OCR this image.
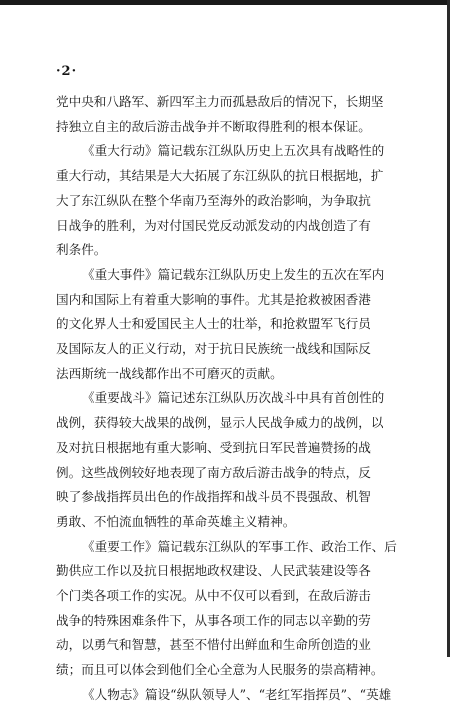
·2·
党中央和八路军、新四军主力而孤悬敌后的情况下，长期坚
持独立自主的敌后游击战争并不断取得胜利的根本保证。
《重大行动》篇记载东江纵队历史上五次具有战略性的
重大行动，其结果是大大拓展了东江纵队的抗日根据地，扩
大了东江纵队在整个华南乃至海外的政治影响，为争取抗
日战争的胜利，为对付国民党反动派发动的内战创造了有
利条件。
《重大事件》篇记载东江纵队历史上发生的五次在军内
国内和国际上有着重大影响的事件。尤其是抢救被困香港
的文化界人士和爱国民主人士的壮举，和抢救盟军飞行员
及国际友人的正义行动，对于抗日民族统一战线和国际反
法西斯统一战线都作出不可磨灭的贡献。
《重要战斗》篇记述东江纵队历次战斗中具有首创性的
战例，获得较大战果的战例，显示人民战争威力的战例，以
及对抗日根据地有重大影响、受到抗日军民普遍赞扬的战
例。这些战例较好地表现了南方敌后游击战争的特点，反
映了参战指挥员出色的作战指挥和战斗员不畏强敌、机智
勇敢、不怕流血牺牲的革命英雄主义精神。
《重要工作》篇记载东江纵队的军事工作、政治工作、后
勤供应工作以及抗日根据地政权建设、人民武装建设等各
个门类各项工作的实况。从中不仅可以看到，在敌后游击
战争的特殊困难条件下，从事各项工作的同志以辛勤的劳
动，以勇气和智慧，甚至不惜付出鲜血和生命所创造的业
绩；而且可以体会到他们全心全意为人民服务的崇高精神。
《人物志》篇设“纵队领导人”、“老红军指挥员”、“英雄
